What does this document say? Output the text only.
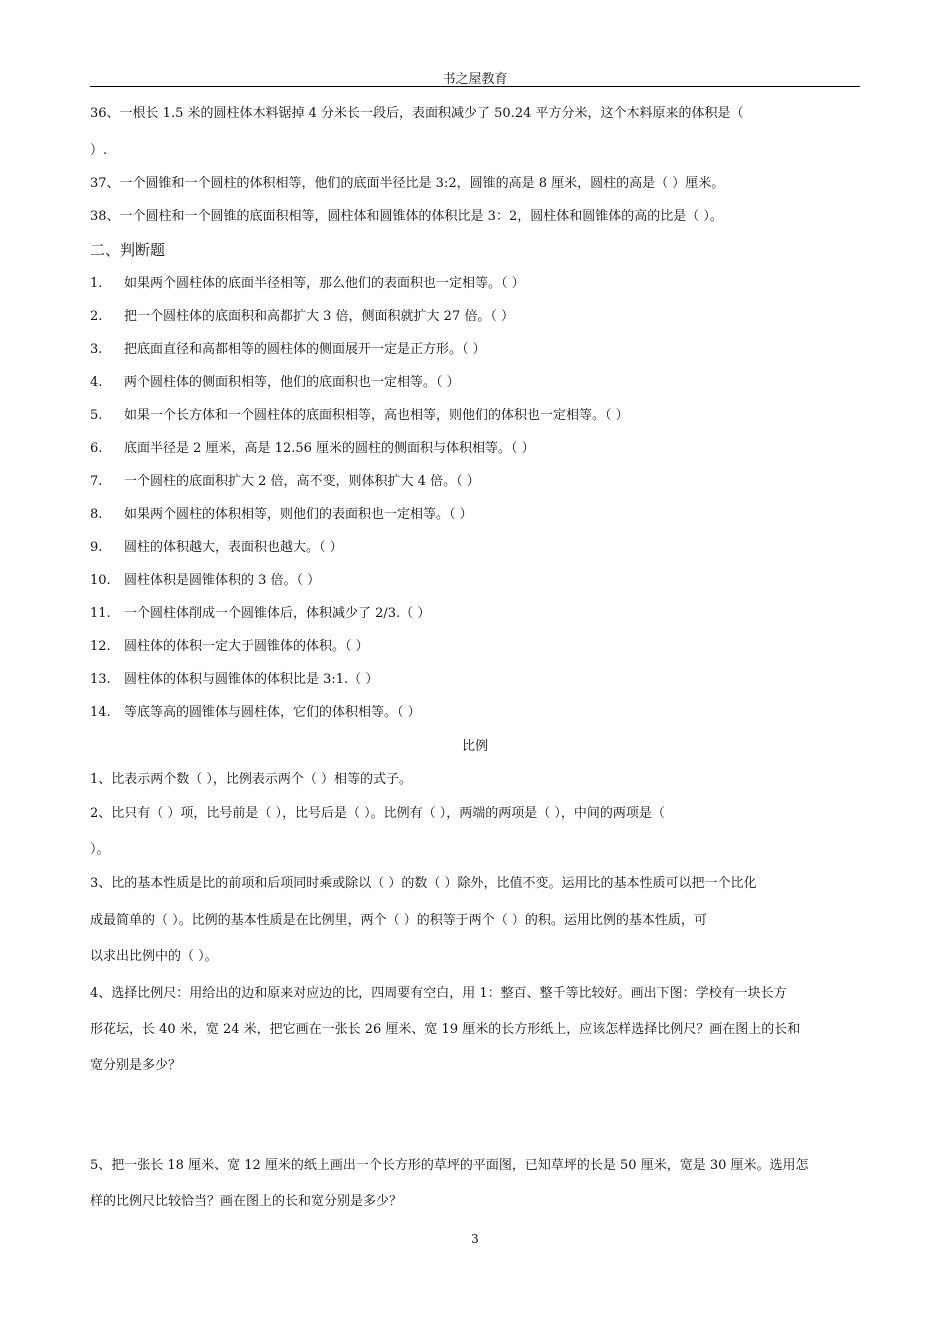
书之屋教育
36、一根长 1.5 米的圆柱体木料锯掉 4 分米长一段后，表面积减少了 50.24 平方分米，这个木料原来的体积是（
）.
37、一个圆锥和一个圆柱的体积相等，他们的底面半径比是 3:2，圆锥的高是 8 厘米，圆柱的高是（ ）厘米。
38、一个圆柱和一个圆锥的底面积相等，圆柱体和圆锥体的体积比是 3：2，圆柱体和圆锥体的高的比是（ ）。
二、判断题
1. 如果两个圆柱体的底面半径相等，那么他们的表面积也一定相等。（ ）
2. 把一个圆柱体的底面积和高都扩大 3 倍，侧面积就扩大 27 倍。（ ）
3. 把底面直径和高都相等的圆柱体的侧面展开一定是正方形。（ ）
4. 两个圆柱体的侧面积相等，他们的底面积也一定相等。（ ）
5. 如果一个长方体和一个圆柱体的底面积相等，高也相等，则他们的体积也一定相等。（ ）
6. 底面半径是 2 厘米，高是 12.56 厘米的圆柱的侧面积与体积相等。（ ）
7. 一个圆柱的底面积扩大 2 倍，高不变，则体积扩大 4 倍。（ ）
8. 如果两个圆柱的体积相等，则他们的表面积也一定相等。（ ）
9. 圆柱的体积越大，表面积也越大。（ ）
10. 圆柱体积是圆锥体积的 3 倍。（ ）
11. 一个圆柱体削成一个圆锥体后，体积减少了 2/3.（ ）
12. 圆柱体的体积一定大于圆锥体的体积。（ ）
13. 圆柱体的体积与圆锥体的体积比是 3:1.（ ）
14. 等底等高的圆锥体与圆柱体，它们的体积相等。（ ）
比例
1、比表示两个数（ ），比例表示两个（ ）相等的式子。
2、比只有（ ）项，比号前是（ ），比号后是（ ）。比例有（ ），两端的两项是（ ），中间的两项是（
）。
3、比的基本性质是比的前项和后项同时乘或除以（ ）的数（ ）除外，比值不变。运用比的基本性质可以把一个比化
成最简单的（ ）。比例的基本性质是在比例里，两个（ ）的积等于两个（ ）的积。运用比例的基本性质，可
以求出比例中的（ ）。
4、选择比例尺：用给出的边和原来对应边的比，四周要有空白，用 1：整百、整千等比较好。画出下图：学校有一块长方
形花坛，长 40 米，宽 24 米，把它画在一张长 26 厘米、宽 19 厘米的长方形纸上，应该怎样选择比例尺？画在图上的长和
宽分别是多少？
5、把一张长 18 厘米、宽 12 厘米的纸上画出一个长方形的草坪的平面图，已知草坪的长是 50 厘米，宽是 30 厘米。选用怎
样的比例尺比较恰当？画在图上的长和宽分别是多少？
3
